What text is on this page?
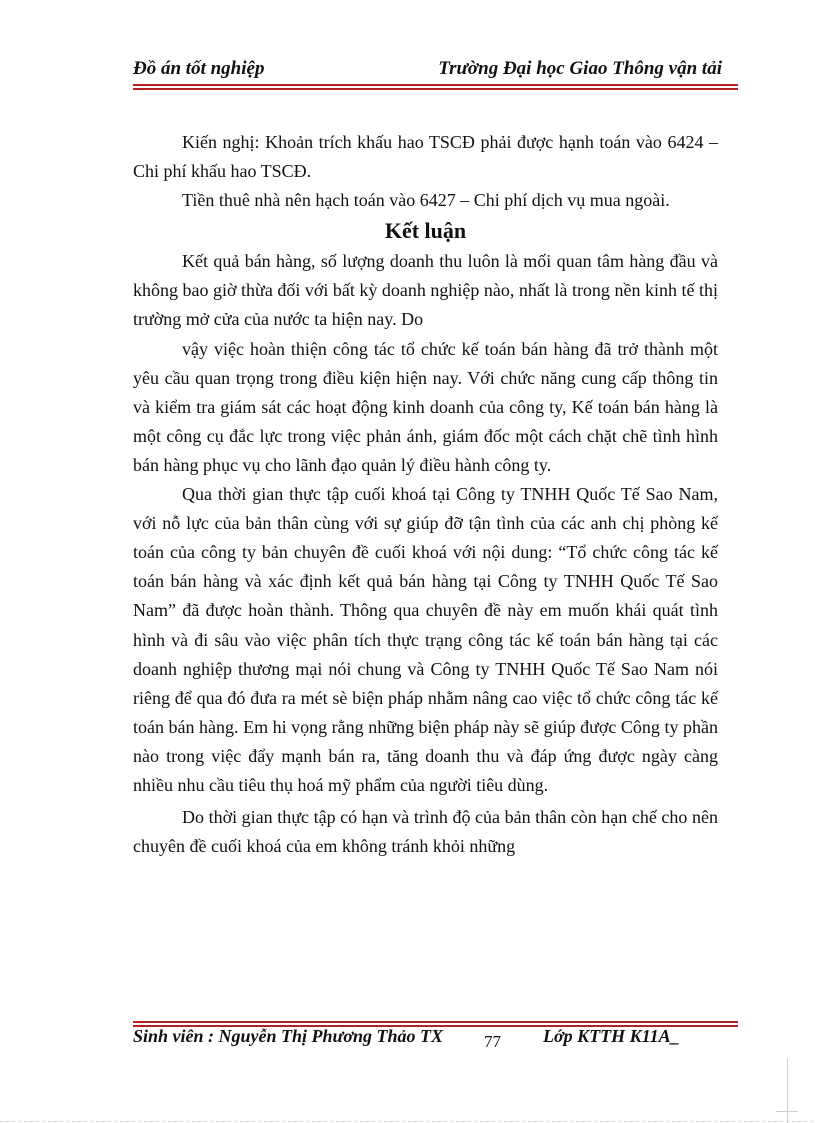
Đồ án tốt nghiệp	Trường Đại học Giao Thông vận tải

Kiến nghị: Khoản trích khấu hao TSCĐ phải được hạnh toán vào 6424 – Chi phí khấu hao TSCĐ.

Tiền thuê nhà nên hạch toán vào 6427 – Chi phí dịch vụ mua ngoài.

Kết luận

Kết quả bán hàng, số lượng doanh thu luôn là mối quan tâm hàng đầu và không bao giờ thừa đối với bất kỳ doanh nghiệp nào, nhất là trong nền kinh tế thị trường mở cửa của nước ta hiện nay. Do

vậy việc hoàn thiện công tác tổ chức kế toán bán hàng đã trở thành một yêu cầu quan trọng trong điều kiện hiện nay. Với chức năng cung cấp thông tin và kiểm tra giám sát các hoạt động kinh doanh của công ty, Kế toán bán hàng là một công cụ đắc lực trong việc phản ánh, giám đốc một cách chặt chẽ tình hình bán hàng phục vụ cho lãnh đạo quản lý điều hành công ty.

Qua thời gian thực tập cuối khoá tại Công ty TNHH Quốc Tế Sao Nam, với nỗ lực của bản thân cùng với sự giúp đỡ tận tình của các anh chị phòng kế toán của công ty bản chuyên đề cuối khoá với nội dung: “Tổ chức công tác kế toán bán hàng và xác định kết quả bán hàng tại Công ty TNHH Quốc Tế Sao Nam” đã được hoàn thành. Thông qua chuyên đề này em muốn khái quát tình hình và đi sâu vào việc phân tích thực trạng công tác kế toán bán hàng tại các doanh nghiệp thương mại nói chung và Công ty TNHH Quốc Tế Sao Nam nói riêng để qua đó đưa ra mét sè biện pháp nhằm nâng cao việc tổ chức công tác kế toán bán hàng. Em hi vọng rằng những biện pháp này sẽ giúp được Công ty phần nào trong việc đẩy mạnh bán ra, tăng doanh thu và đáp ứng được ngày càng nhiều nhu cầu tiêu thụ hoá mỹ phẩm của người tiêu dùng.

Do thời gian thực tập có hạn và trình độ của bản thân còn hạn chế cho nên chuyên đề cuối khoá của em không tránh khỏi những

Sinh viên : Nguyễn Thị Phương Thảo TX	77 Lớp KTTH K11A_
